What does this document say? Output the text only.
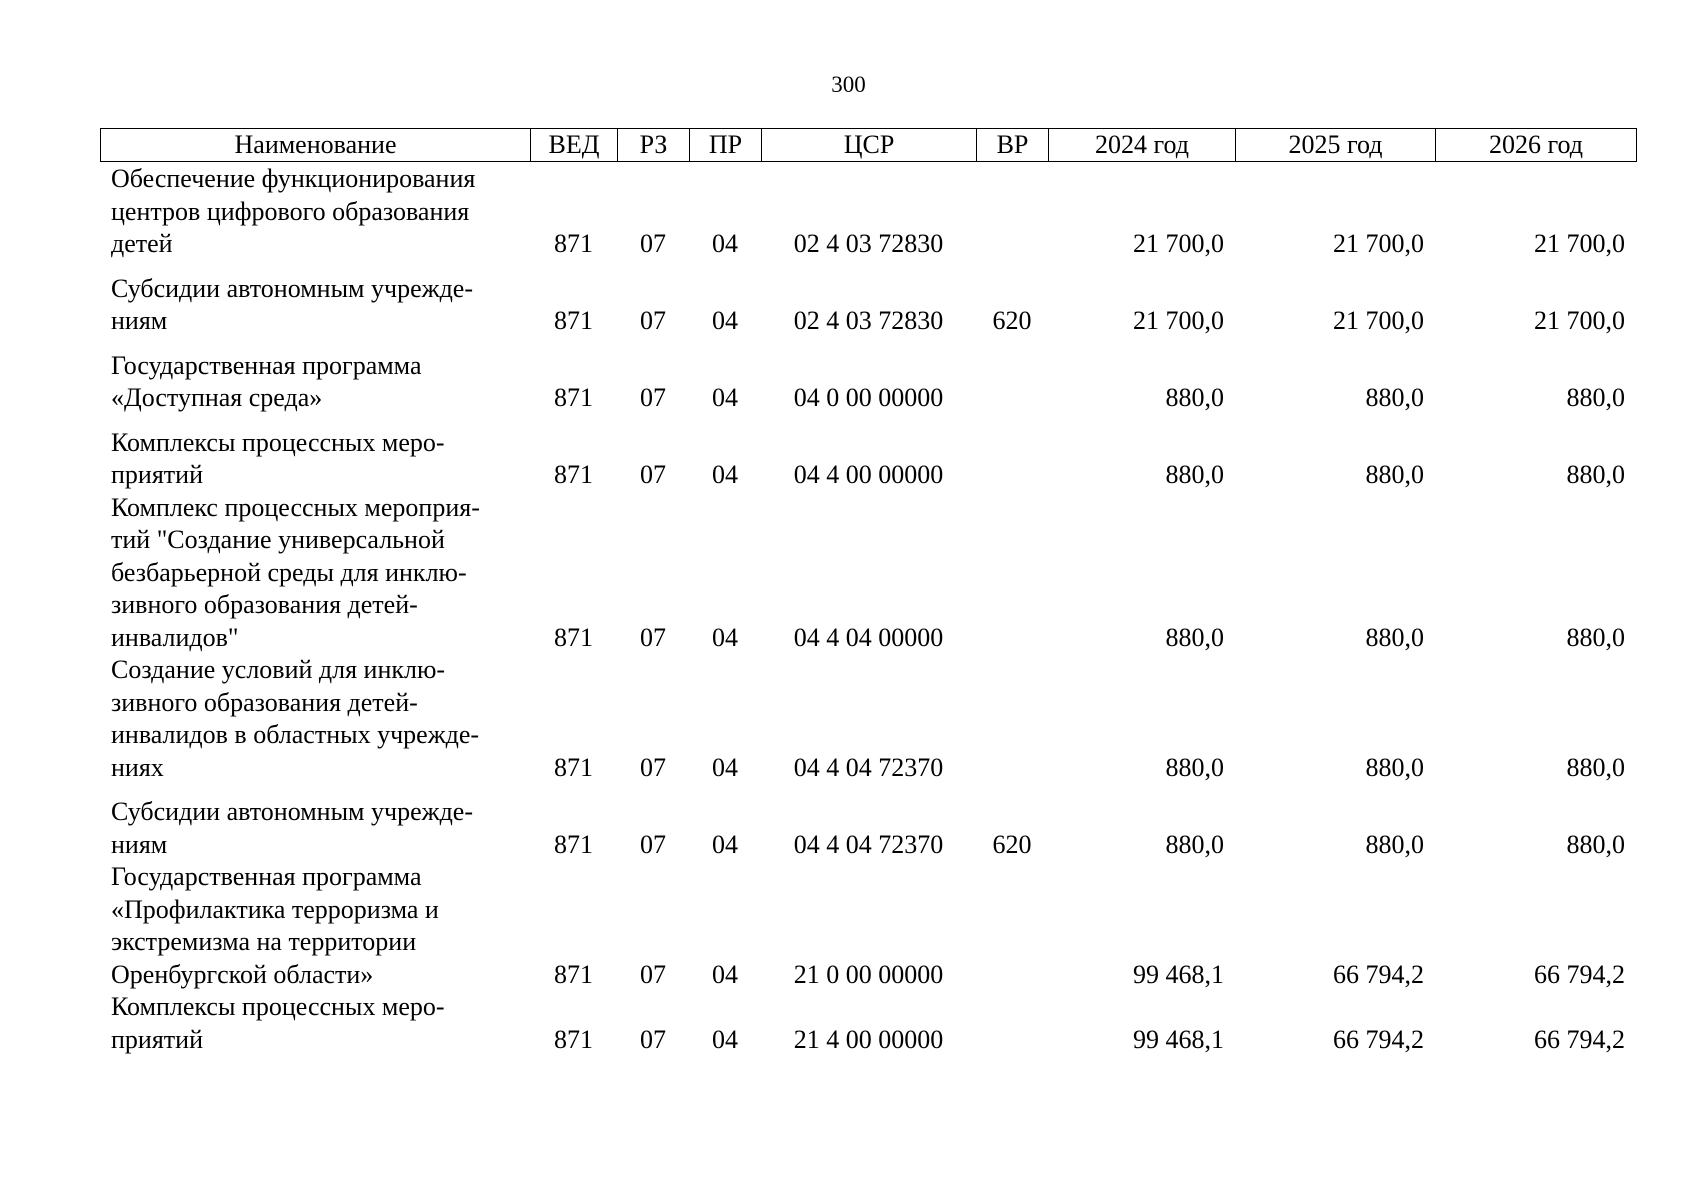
300
Наименование	ВЕД	РЗ	ПР	ЦСР	ВР	2024 год	2025 год	2026 год
Обеспечение функционирования
центров цифрового образования
детей	871	07	04	02 4 03 72830		21 700,0	21 700,0	21 700,0

Субсидии автономным учрежде-
ниям	871	07	04	02 4 03 72830	620	21 700,0	21 700,0	21 700,0

Государственная программа
«Доступная среда»	871	07	04	04 0 00 00000		880,0	880,0	880,0

Комплексы процессных меро-
приятий	871	07	04	04 4 00 00000		880,0	880,0	880,0

Комплекс процессных мероприя-
тий "Создание универсальной
безбарьерной среды для инклю-
зивного образования детей-
инвалидов"	871	07	04	04 4 04 00000		880,0	880,0	880,0

Создание условий для инклю-
зивного образования детей-
инвалидов в областных учрежде-
ниях	871	07	04	04 4 04 72370		880,0	880,0	880,0

Субсидии автономным учрежде-
ниям	871	07	04	04 4 04 72370	620	880,0	880,0	880,0

Государственная программа
«Профилактика терроризма и
экстремизма на территории
Оренбургской области»	871	07	04	21 0 00 00000		99 468,1	66 794,2	66 794,2

Комплексы процессных меро-
приятий	871	07	04	21 4 00 00000		99 468,1	66 794,2	66 794,2
